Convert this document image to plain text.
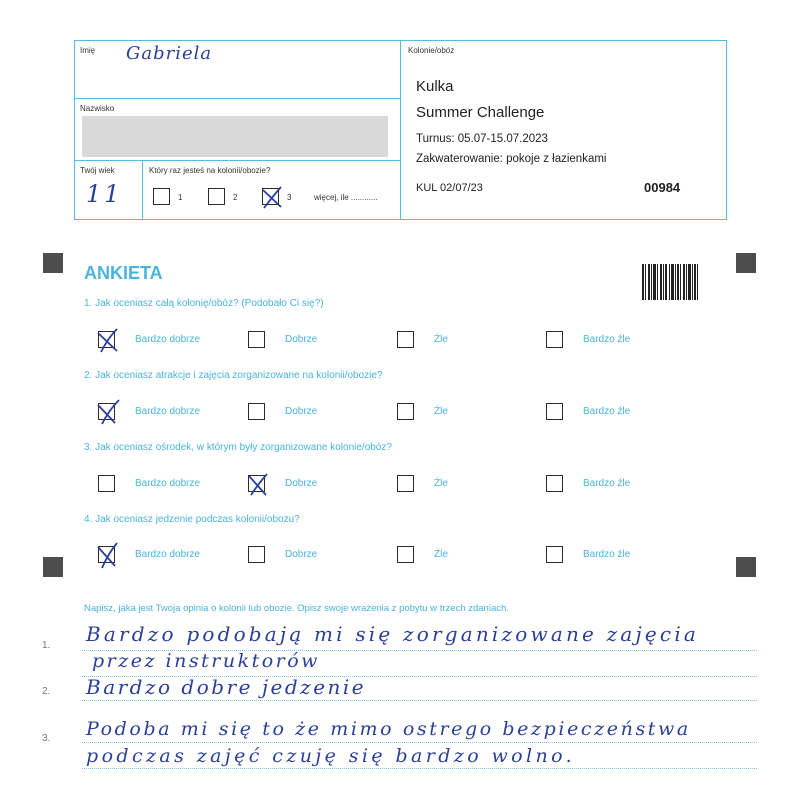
Imię Gabriela
Nazwisko
Twój wiek
11
Który raz jesteś na kolonii/obozie?
1	2	3	więcej, ile ............
Kolonie/obóz
Kulka
Summer Challenge
Turnus: 05.07-15.07.2023
Zakwaterowanie: pokoje z łazienkami
KUL 02/07/23	00984
ANKIETA
1. Jak oceniasz całą kolonię/obóz? (Podobało Ci się?)
Bardzo dobrze	Dobrze	Źle	Bardzo źle
2. Jak oceniasz atrakcje i zajęcia zorganizowane na kolonii/obozie?
Bardzo dobrze	Dobrze	Źle	Bardzo źle
3. Jak oceniasz ośrodek, w którym były zorganizowane kolonie/obóz?
Bardzo dobrze	Dobrze	Źle	Bardzo źle
4. Jak oceniasz jedzenie podczas kolonii/obozu?
Bardzo dobrze	Dobrze	Źle	Bardzo źle
Napisz, jaka jest Twoja opinia o kolonii lub obozie. Opisz swoje wrażenia z pobytu w trzech zdaniach.
1.
2.
3.
Bardzo podobają mi się zorganizowane zajęcia
przez instruktorów
Bardzo dobre jedzenie
Podoba mi się to że mimo ostrego bezpieczeństwa
podczas zajęć czuję się bardzo wolno.
